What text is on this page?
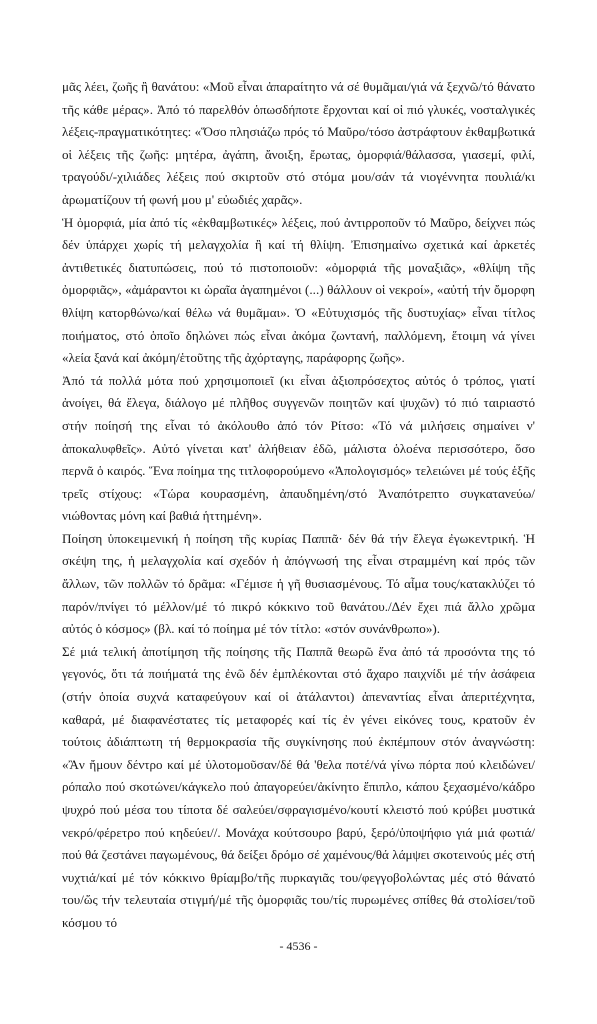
μᾶς λέει, ζωῆς ἢ θανάτου: «Μοῦ εἶναι ἀπαραίτητο νά σέ θυμᾶμαι/γιά νά ξεχνῶ/τό θάνατο τῆς κάθε μέρας». Ἀπό τό παρελθόν ὁπωσδήποτε ἔρχονται καί οἱ πιό γλυκές, νοσταλγικές λέξεις-πραγματικότητες: «Ὅσο πλησιάζω πρός τό Μαῦρο/τόσο ἀστράφτουν ἐκθαμβωτικά οἱ λέξεις τῆς ζωῆς: μητέρα, ἀγάπη, ἄνοιξη, ἔρωτας, ὀμορφιά/θάλασσα, γιασεμί, φιλί, τραγούδι/-χιλιάδες λέξεις πού σκιρτοῦν στό στόμα μου/σάν τά νιογέννητα πουλιά/κι ἀρωματίζουν τή φωνή μου μ' εὐωδιές χαρᾶς».

Ἡ ὀμορφιά, μία ἀπό τίς «ἐκθαμβωτικές» λέξεις, πού ἀντιρροποῦν τό Μαῦρο, δείχνει πώς δέν ὑπάρχει χωρίς τή μελαγχολία ἢ καί τή θλίψη. Ἐπισημαίνω σχετικά καί ἀρκετές ἀντιθετικές διατυπώσεις, πού τό πιστοποιοῦν: «ὀμορφιά τῆς μοναξιᾶς», «θλίψη τῆς ὀμορφιᾶς», «ἀμάραντοι κι ὡραῖα ἀγαπημένοι (...) θάλλουν οἱ νεκροί», «αὐτή τήν ὄμορφη θλίψη κατορθώνω/καί θέλω νά θυμᾶμαι». Ὁ «Εὐτυχισμός τῆς δυστυχίας» εἶναι τίτλος ποιήματος, στό ὁποῖο δηλώνει πώς εἶναι ἀκόμα ζωντανή, παλλόμενη, ἕτοιμη νά γίνει «λεία ξανά καί ἀκόμη/ἑτοῦτης τῆς ἀχόρταγης, παράφορης ζωῆς».

Ἀπό τά πολλά μότα πού χρησιμοποιεῖ (κι εἶναι ἀξιοπρόσεχτος αὐτός ὁ τρόπος, γιατί ἀνοίγει, θά ἔλεγα, διάλογο μέ πλῆθος συγγενῶν ποιητῶν καί ψυχῶν) τό πιό ταιριαστό στήν ποίησή της εἶναι τό ἀκόλουθο ἀπό τόν Ρίτσο: «Τό νά μιλήσεις σημαίνει ν' ἀποκαλυφθεῖς». Αὐτό γίνεται κατ' ἀλήθειαν ἐδῶ, μάλιστα ὁλοένα περισσότερο, ὅσο περνᾶ ὁ καιρός. Ἕνα ποίημα της τιτλοφορούμενο «Ἀπολογισμός» τελειώνει μέ τούς ἑξῆς τρεῖς στίχους: «Τώρα κουρασμένη, ἀπαυδημένη/στό Ἀναπότρεπτο συγκατανεύω/νιώθοντας μόνη καί βαθιά ἡττημένη».

Ποίηση ὑποκειμενική ἡ ποίηση τῆς κυρίας Παππᾶ· δέν θά τήν ἔλεγα ἐγωκεντρική. Ἡ σκέψη της, ἡ μελαγχολία καί σχεδόν ἡ ἀπόγνωσή της εἶναι στραμμένη καί πρός τῶν ἄλλων, τῶν πολλῶν τό δρᾶμα: «Γέμισε ἡ γῆ θυσιασμένους. Τό αἷμα τους/κατακλύζει τό παρόν/πνίγει τό μέλλον/μέ τό πικρό κόκκινο τοῦ θανάτου./Δέν ἔχει πιά ἄλλο χρῶμα αὐτός ὁ κόσμος» (βλ. καί τό ποίημα μέ τόν τίτλο: «στόν συνάνθρωπο»).

Σέ μιά τελική ἀποτίμηση τῆς ποίησης τῆς Παππᾶ θεωρῶ ἕνα ἀπό τά προσόντα της τό γεγονός, ὅτι τά ποιήματά της ἐνῶ δέν ἐμπλέκονται στό ἄχαρο παιχνίδι μέ τήν ἀσάφεια (στήν ὁποία συχνά καταφεύγουν καί οἱ ἀτάλαντοι) ἀπεναντίας εἶναι ἀπεριτέχνητα, καθαρά, μέ διαφανέστατες τίς μεταφορές καί τίς ἐν γένει εἰκόνες τους, κρατοῦν ἐν τούτοις ἀδιάπτωτη τή θερμοκρασία τῆς συγκίνησης πού ἐκπέμπουν στόν ἀναγνώστη: «Ἂν ἤμουν δέντρο καί μέ ὑλοτομοῦσαν/δέ θά 'θελα ποτέ/νά γίνω πόρτα πού κλειδώνει/ρόπαλο πού σκοτώνει/κάγκελο πού ἀπαγορεύει/ἀκίνητο ἔπιπλο, κάπου ξεχασμένο/κάδρο ψυχρό πού μέσα του τίποτα δέ σαλεύει/σφραγισμένο/κουτί κλειστό πού κρύβει μυστικά νεκρό/φέρετρο πού κηδεύει//. Μονάχα κούτσουρο βαρύ, ξερό/ὑποψήφιο γιά μιά φωτιά/πού θά ζεστάνει παγωμένους, θά δείξει δρόμο σέ χαμένους/θά λάμψει σκοτεινούς μές στή νυχτιά/καί μέ τόν κόκκινο θρίαμβο/τῆς πυρκαγιᾶς του/φεγγοβολώντας μές στό θάνατό του/ὥς τήν τελευταία στιγμή/μέ τῆς ὀμορφιᾶς του/τίς πυρωμένες σπίθες θά στολίσει/τοῦ κόσμου τό

- 4536 -
